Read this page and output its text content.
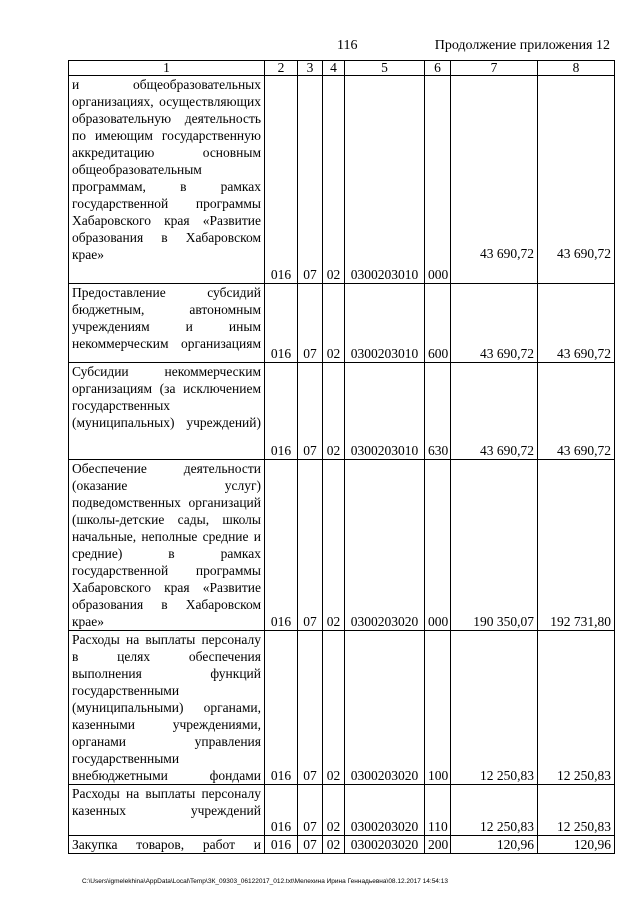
116	Продолжение приложения 12
1	2	3	4	5	6	7	8
и общеобразовательных организациях, осуществляющих образовательную деятельность по имеющим государственную аккредитацию основным общеобразовательным программам, в рамках государственной программы Хабаровского края «Развитие образования в Хабаровском крае»	016	07	02	0300203010	000	43 690,72	43 690,72
Предоставление субсидий бюджетным, автономным учреждениям и иным некоммерческим организациям	016	07	02	0300203010	600	43 690,72	43 690,72
Субсидии некоммерческим организациям (за исключением государственных (муниципальных) учреждений)	016	07	02	0300203010	630	43 690,72	43 690,72
Обеспечение деятельности (оказание услуг) подведомственных организаций (школы-детские сады, школы начальные, неполные средние и средние) в рамках государственной программы Хабаровского края «Развитие образования в Хабаровском крае»	016	07	02	0300203020	000	190 350,07	192 731,80
Расходы на выплаты персоналу в целях обеспечения выполнения функций государственными (муниципальными) органами, казенными учреждениями, органами управления государственными внебюджетными фондами	016	07	02	0300203020	100	12 250,83	12 250,83
Расходы на выплаты персоналу казенных учреждений	016	07	02	0300203020	110	12 250,83	12 250,83
Закупка товаров, работ и	016	07	02	0300203020	200	120,96	120,96
C:\Users\igmelekhina\AppData\Local\Temp\ЗК_09303_06122017_012.txt\Мелехина Ирина Геннадьевна\08.12.2017 14:54:13
